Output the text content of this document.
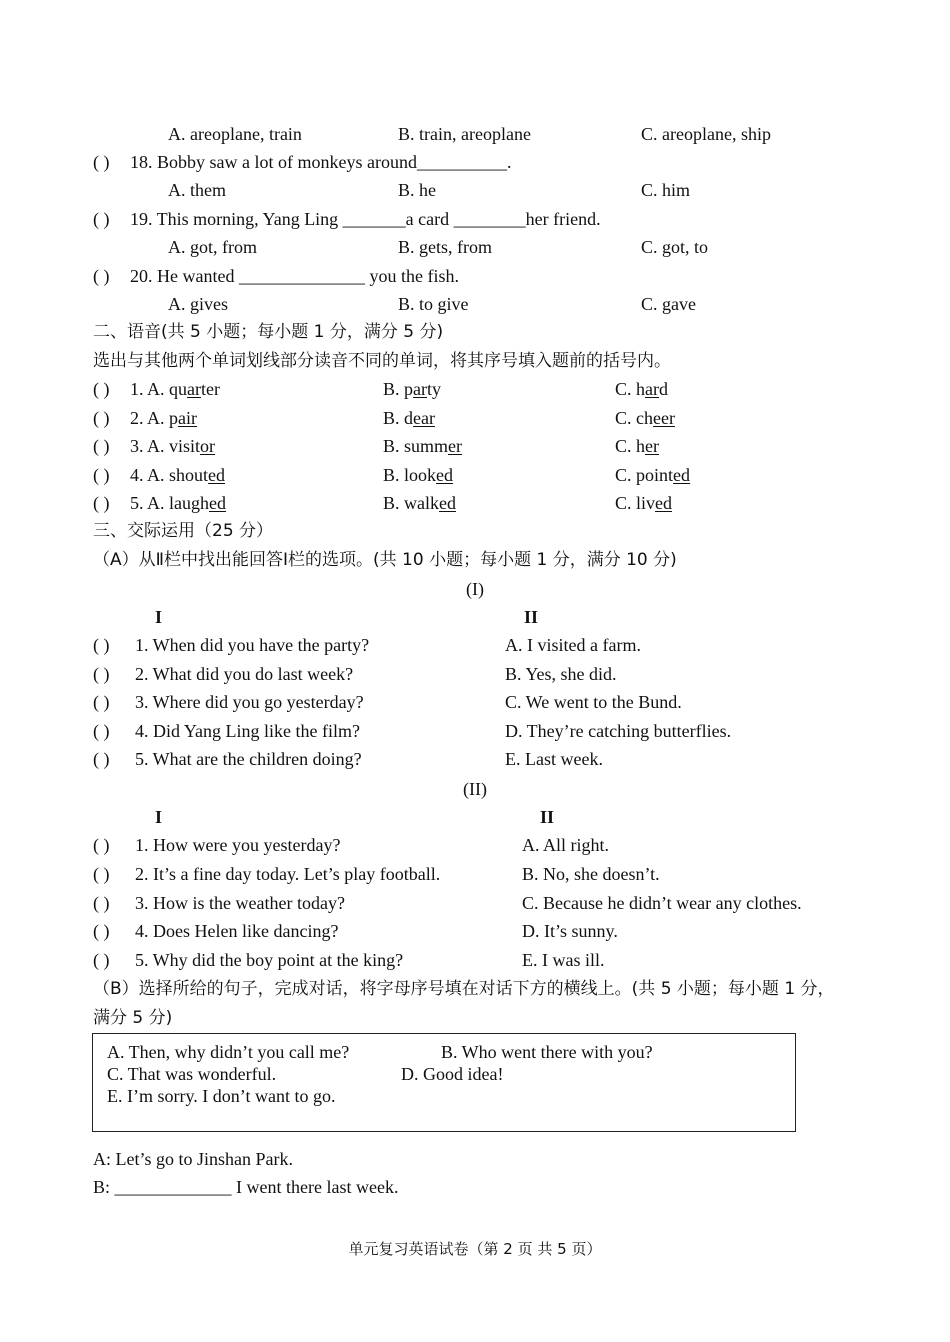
A. areoplane, train	B. train, areoplane	C. areoplane, ship
( ) 18. Bobby saw a lot of monkeys around__________.
A. them	B. he	C. him
( ) 19. This morning, Yang Ling _______a card ________her friend.
A. got, from	B. gets, from	C. got, to
( ) 20. He wanted ______________ you the fish.
A. gives	B. to give	C. gave
二、语音(共 5 小题；每小题 1 分，满分 5 分)
选出与其他两个单词划线部分读音不同的单词，将其序号填入题前的括号内。
( ) 1. A. quarter	B. party	C. hard
( ) 2. A. pair	B. dear	C. cheer
( ) 3. A. visitor	B. summer	C. her
( ) 4. A. shouted	B. looked	C. pointed
( ) 5. A. laughed	B. walked	C. lived
三、交际运用（25 分）
（A）从Ⅱ栏中找出能回答Ⅰ栏的选项。(共 10 小题；每小题 1 分，满分 10 分)
(I)
I	II
( ) 1. When did you have the party?	A. I visited a farm.
( ) 2. What did you do last week?	B. Yes, she did.
( ) 3. Where did you go yesterday?	C. We went to the Bund.
( ) 4. Did Yang Ling like the film?	D. They’re catching butterflies.
( ) 5. What are the children doing?	E. Last week.
(II)
I	II
( ) 1. How were you yesterday?	A. All right.
( ) 2. It’s a fine day today. Let’s play football.	B. No, she doesn’t.
( ) 3. How is the weather today?	C. Because he didn’t wear any clothes.
( ) 4. Does Helen like dancing?	D. It’s sunny.
( ) 5. Why did the boy point at the king?	E. I was ill.
（B）选择所给的句子，完成对话，将字母序号填在对话下方的横线上。(共 5 小题；每小题 1 分，
满分 5 分)
A. Then, why didn’t you call me?	B. Who went there with you?
C. That was wonderful.	D. Good idea!
E. I’m sorry. I don’t want to go.
A: Let’s go to Jinshan Park.
B: _____________ I went there last week.
单元复习英语试卷（第 2 页 共 5 页）
